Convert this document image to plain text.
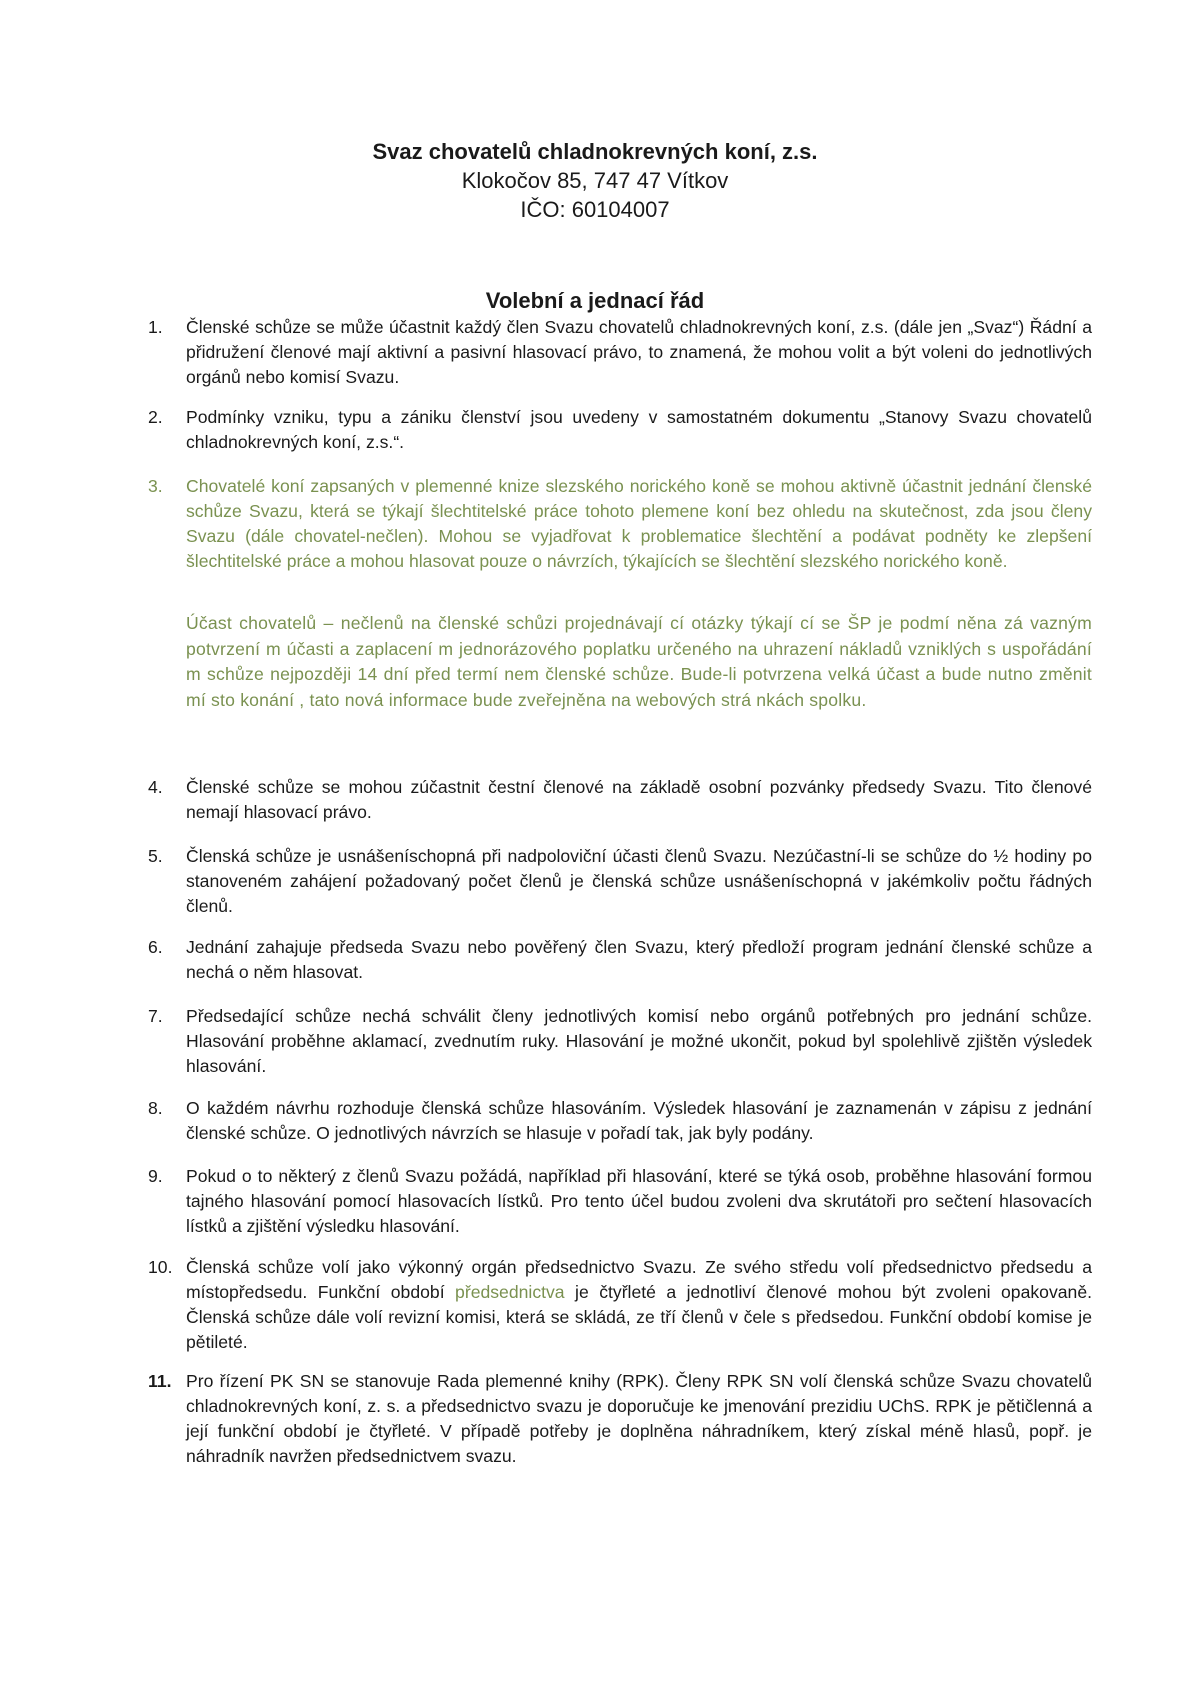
Svaz chovatelů chladnokrevných koní, z.s.
Klokočov 85, 747 47 Vítkov
IČO: 60104007
Volební a jednací řád
1.	Členské schůze se může účastnit každý člen Svazu chovatelů chladnokrevných koní, z.s. (dále jen „Svaz“) Řádní a přidružení členové mají aktivní a pasivní hlasovací právo, to znamená, že mohou volit a být voleni do jednotlivých orgánů nebo komisí Svazu.
2.	Podmínky vzniku, typu a zániku členství jsou uvedeny v samostatném dokumentu „Stanovy Svazu chovatelů chladnokrevných koní, z.s.“.
3.	Chovatelé koní zapsaných v plemenné knize slezského norického koně se mohou aktivně účastnit jednání členské schůze Svazu, která se týkají šlechtitelské práce tohoto plemene koní bez ohledu na skutečnost, zda jsou členy Svazu (dále chovatel-nečlen). Mohou se vyjadřovat k problematice šlechtění a podávat podněty ke zlepšení šlechtitelské práce a mohou hlasovat pouze o návrzích, týkajících se šlechtění slezského norického koně.
Účast chovatelů – nečlenů na členské schůzi projednávají cí otázky týkají cí se ŠP je podmí něna zá vazným potvrzení m účasti a zaplacení m jednorázového poplatku určeného na uhrazení nákladů vzniklých s uspořádání m schůze nejpozději 14 dní před termí nem členské schůze. Bude-li potvrzena velká účast a bude nutno změnit mí sto konání , tato nová informace bude zveřejněna na webových strá nkách spolku.
4.	Členské schůze se mohou zúčastnit čestní členové na základě osobní pozvánky předsedy Svazu. Tito členové nemají hlasovací právo.
5.	Členská schůze je usnášeníschopná při nadpoloviční účasti členů Svazu. Nezúčastní-li se schůze do ½ hodiny po stanoveném zahájení požadovaný počet členů je členská schůze usnášeníschopná v jakémkoliv počtu řádných členů.
6.	Jednání zahajuje předseda Svazu nebo pověřený člen Svazu, který předloží program jednání členské schůze a nechá o něm hlasovat.
7.	Předsedající schůze nechá schválit členy jednotlivých komisí nebo orgánů potřebných pro jednání schůze. Hlasování proběhne aklamací, zvednutím ruky. Hlasování je možné ukončit, pokud byl spolehlivě zjištěn výsledek hlasování.
8.	O každém návrhu rozhoduje členská schůze hlasováním. Výsledek hlasování je zaznamenán v zápisu z jednání členské schůze. O jednotlivých návrzích se hlasuje v pořadí tak, jak byly podány.
9.	Pokud o to některý z členů Svazu požádá, například při hlasování, které se týká osob, proběhne hlasování formou tajného hlasování pomocí hlasovacích lístků. Pro tento účel budou zvoleni dva skrutátoři pro sečtení hlasovacích lístků a zjištění výsledku hlasování.
10. Členská schůze volí jako výkonný orgán předsednictvo Svazu. Ze svého středu volí předsednictvo předsedu a místopředsedu. Funkční období předsednictva je čtyřleté a jednotliví členové mohou být zvoleni opakovaně. Členská schůze dále volí revizní komisi, která se skládá, ze tří členů v čele s předsedou. Funkční období komise je pětileté.
11. Pro řízení PK SN se stanovuje Rada plemenné knihy (RPK). Členy RPK SN volí členská schůze Svazu chovatelů chladnokrevných koní, z. s. a předsednictvo svazu je doporučuje ke jmenování prezidiu UChS. RPK je pětičlenná a její funkční období je čtyřleté. V případě potřeby je doplněna náhradníkem, který získal méně hlasů, popř. je náhradník navržen předsednictvem svazu.
